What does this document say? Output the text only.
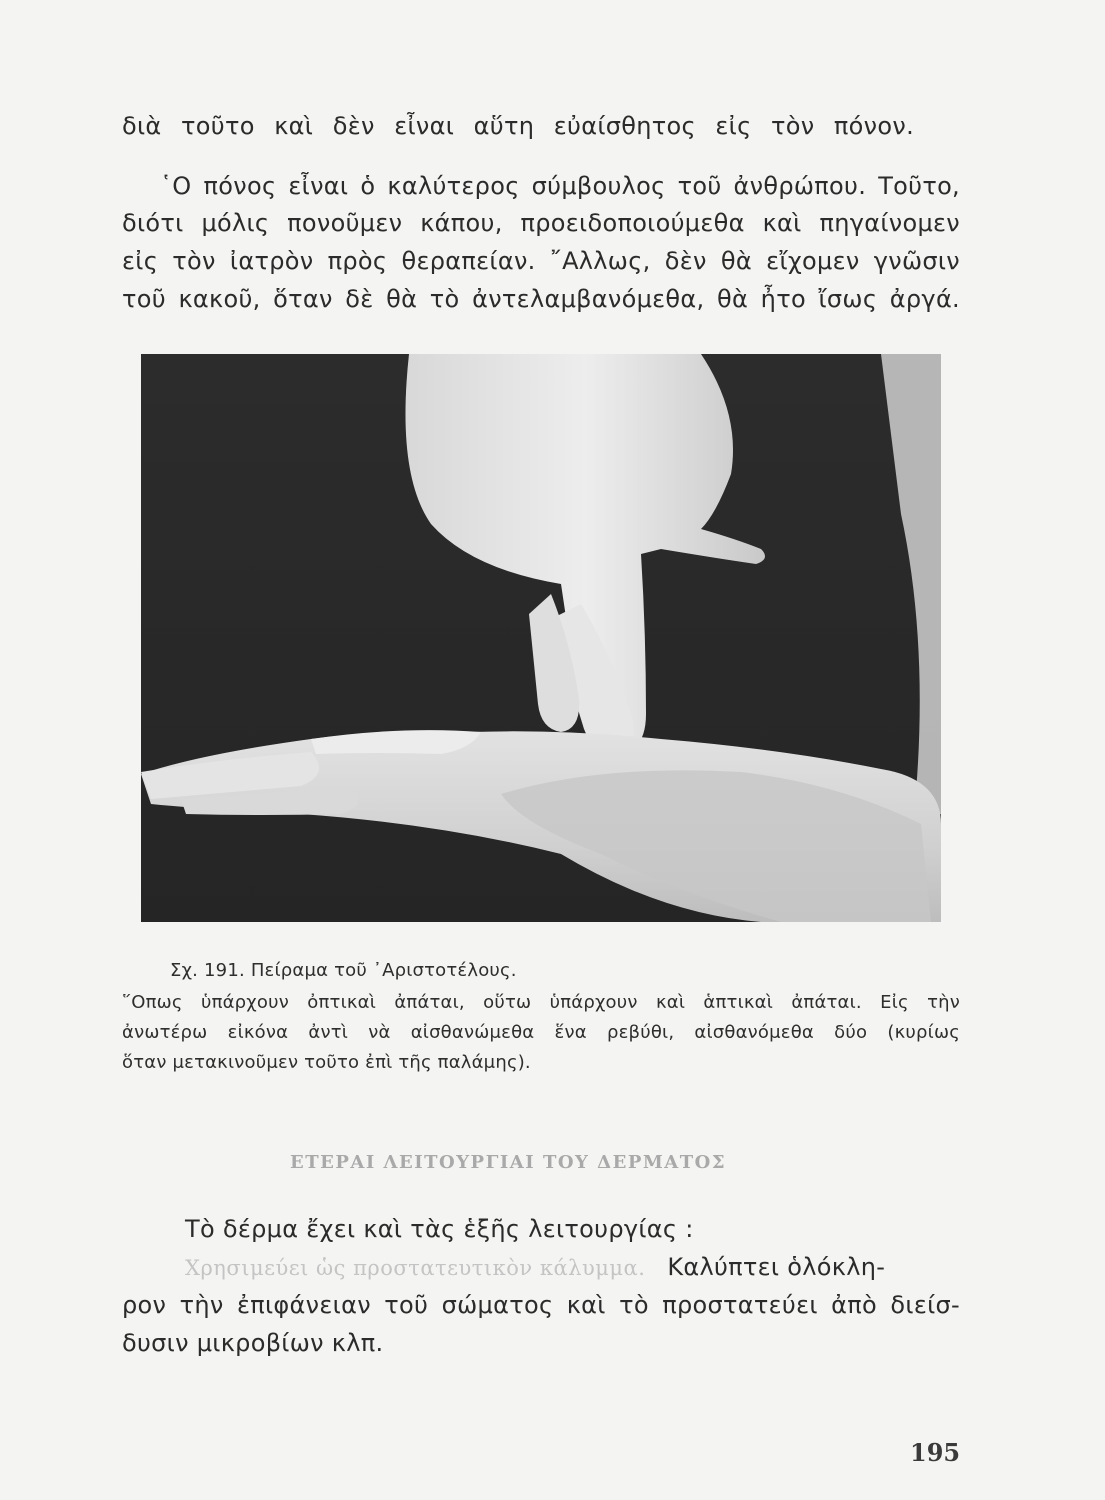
διὰ τοῦτο καὶ δὲν εἶναι αὕτη εὐαίσθητος εἰς τὸν πόνον.
῾Ο πόνος εἶναι ὁ καλύτερος σύμβουλος τοῦ ἀνθρώπου. Τοῦτο,
διότι μόλις πονοῦμεν κάπου, προειδοποιούμεθα καὶ πηγαίνομεν
εἰς τὸν ἰατρὸν πρὸς θεραπείαν. ῎Αλλως, δὲν θὰ εἴχομεν γνῶσιν
τοῦ κακοῦ, ὅταν δὲ θὰ τὸ ἀντελαμβανόμεθα, θὰ ἦτο ἴσως ἀργά.
Σχ. 191. Πείραμα τοῦ ᾿Αριστοτέλους.
῞Οπως ὑπάρχουν ὀπτικαὶ ἀπάται, οὕτω ὑπάρχουν καὶ ἁπτικαὶ ἀπάται. Εἰς τὴν
ἀνωτέρω εἰκόνα ἀντὶ νὰ αἰσθανώμεθα ἕνα ρεβύθι, αἰσθανόμεθα δύο (κυρίως
ὅταν μετακινοῦμεν τοῦτο ἐπὶ τῆς παλάμης).
ΕΤΕΡΑΙ ΛΕΙΤΟΥΡΓΙΑΙ ΤΟΥ ΔΕΡΜΑΤΟΣ
Τὸ δέρμα ἔχει καὶ τὰς ἑξῆς λειτουργίας :
Χρησιμεύει ὡς προστατευτικὸν κάλυμμα. Καλύπτει ὁλόκλη-
ρον τὴν ἐπιφάνειαν τοῦ σώματος καὶ τὸ προστατεύει ἀπὸ διείσ-
δυσιν μικροβίων κλπ.
195
